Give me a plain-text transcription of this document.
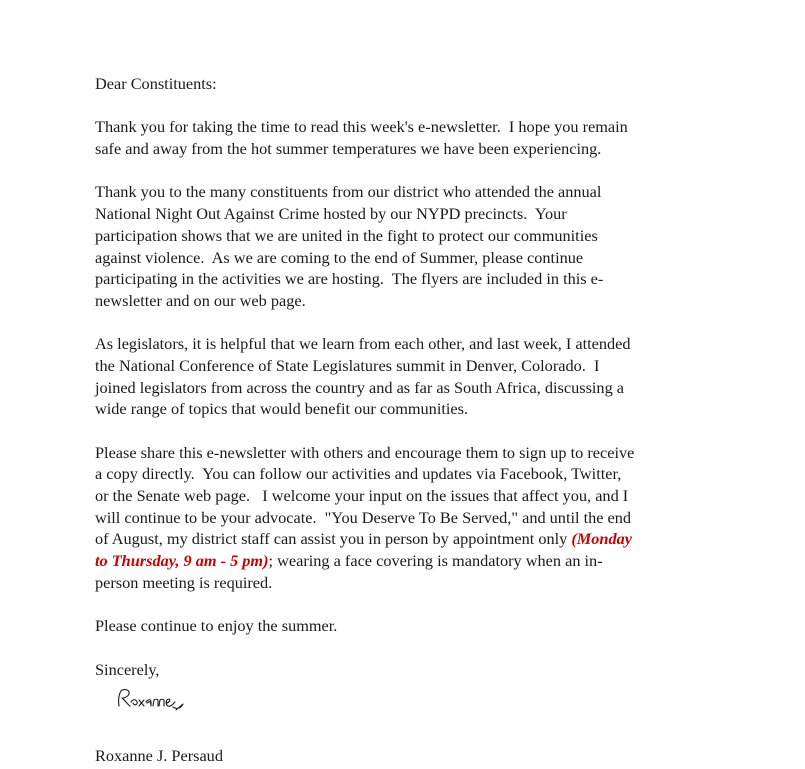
Dear Constituents:
Thank you for taking the time to read this week's e-newsletter.  I hope you remain
safe and away from the hot summer temperatures we have been experiencing.
Thank you to the many constituents from our district who attended the annual
National Night Out Against Crime hosted by our NYPD precincts.  Your
participation shows that we are united in the fight to protect our communities
against violence.  As we are coming to the end of Summer, please continue
participating in the activities we are hosting.  The flyers are included in this e-
newsletter and on our web page.
As legislators, it is helpful that we learn from each other, and last week, I attended
the National Conference of State Legislatures summit in Denver, Colorado.  I
joined legislators from across the country and as far as South Africa, discussing a
wide range of topics that would benefit our communities.
Please share this e-newsletter with others and encourage them to sign up to receive
a copy directly.  You can follow our activities and updates via Facebook, Twitter,
or the Senate web page.   I welcome your input on the issues that affect you, and I
will continue to be your advocate.  "You Deserve To Be Served," and until the end
of August, my district staff can assist you in person by appointment only (Monday
to Thursday, 9 am - 5 pm); wearing a face covering is mandatory when an in-
person meeting is required.
Please continue to enjoy the summer.
Sincerely,
Roxanne J. Persaud
